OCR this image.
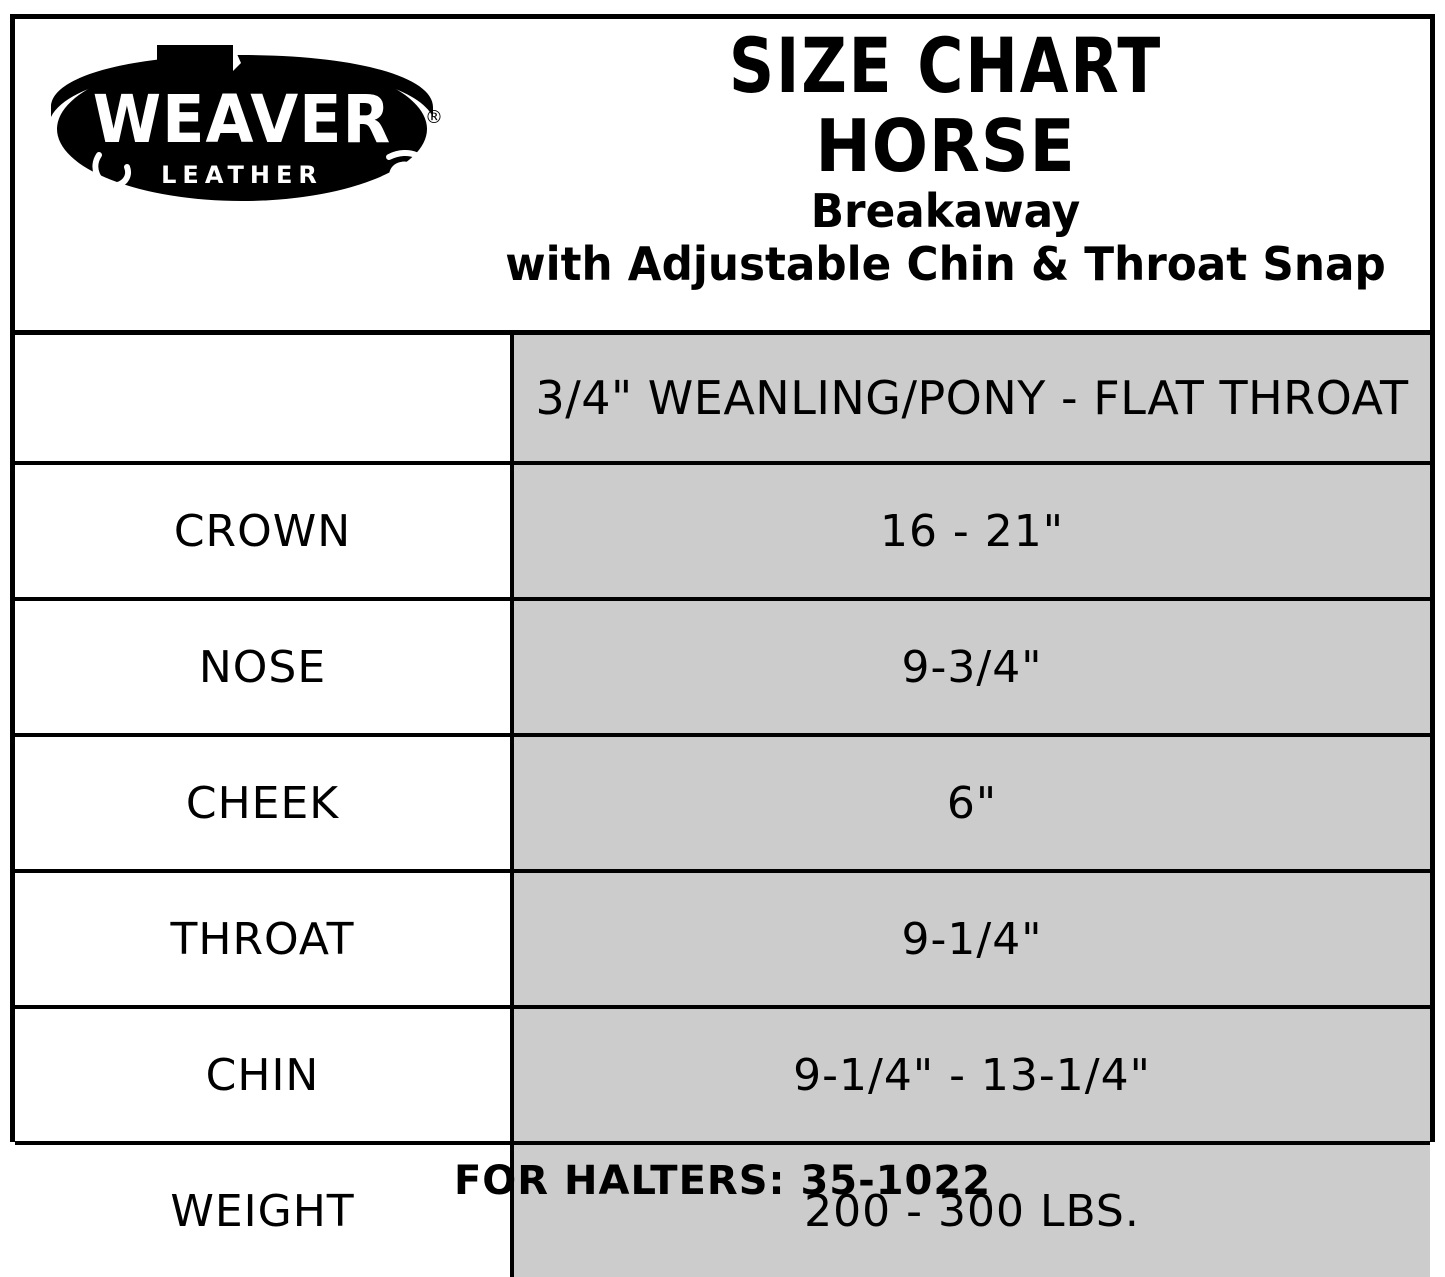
WEAVER
LEATHER
®
SIZE CHART
HORSE
Breakaway
with Adjustable Chin & Throat Snap
	3/4" WEANLING/PONY - FLAT THROAT
CROWN	16 - 21"
NOSE	9-3/4"
CHEEK	6"
THROAT	9-1/4"
CHIN	9-1/4" - 13-1/4"
WEIGHT	200 - 300 LBS.
FOR HALTERS: 35-1022
